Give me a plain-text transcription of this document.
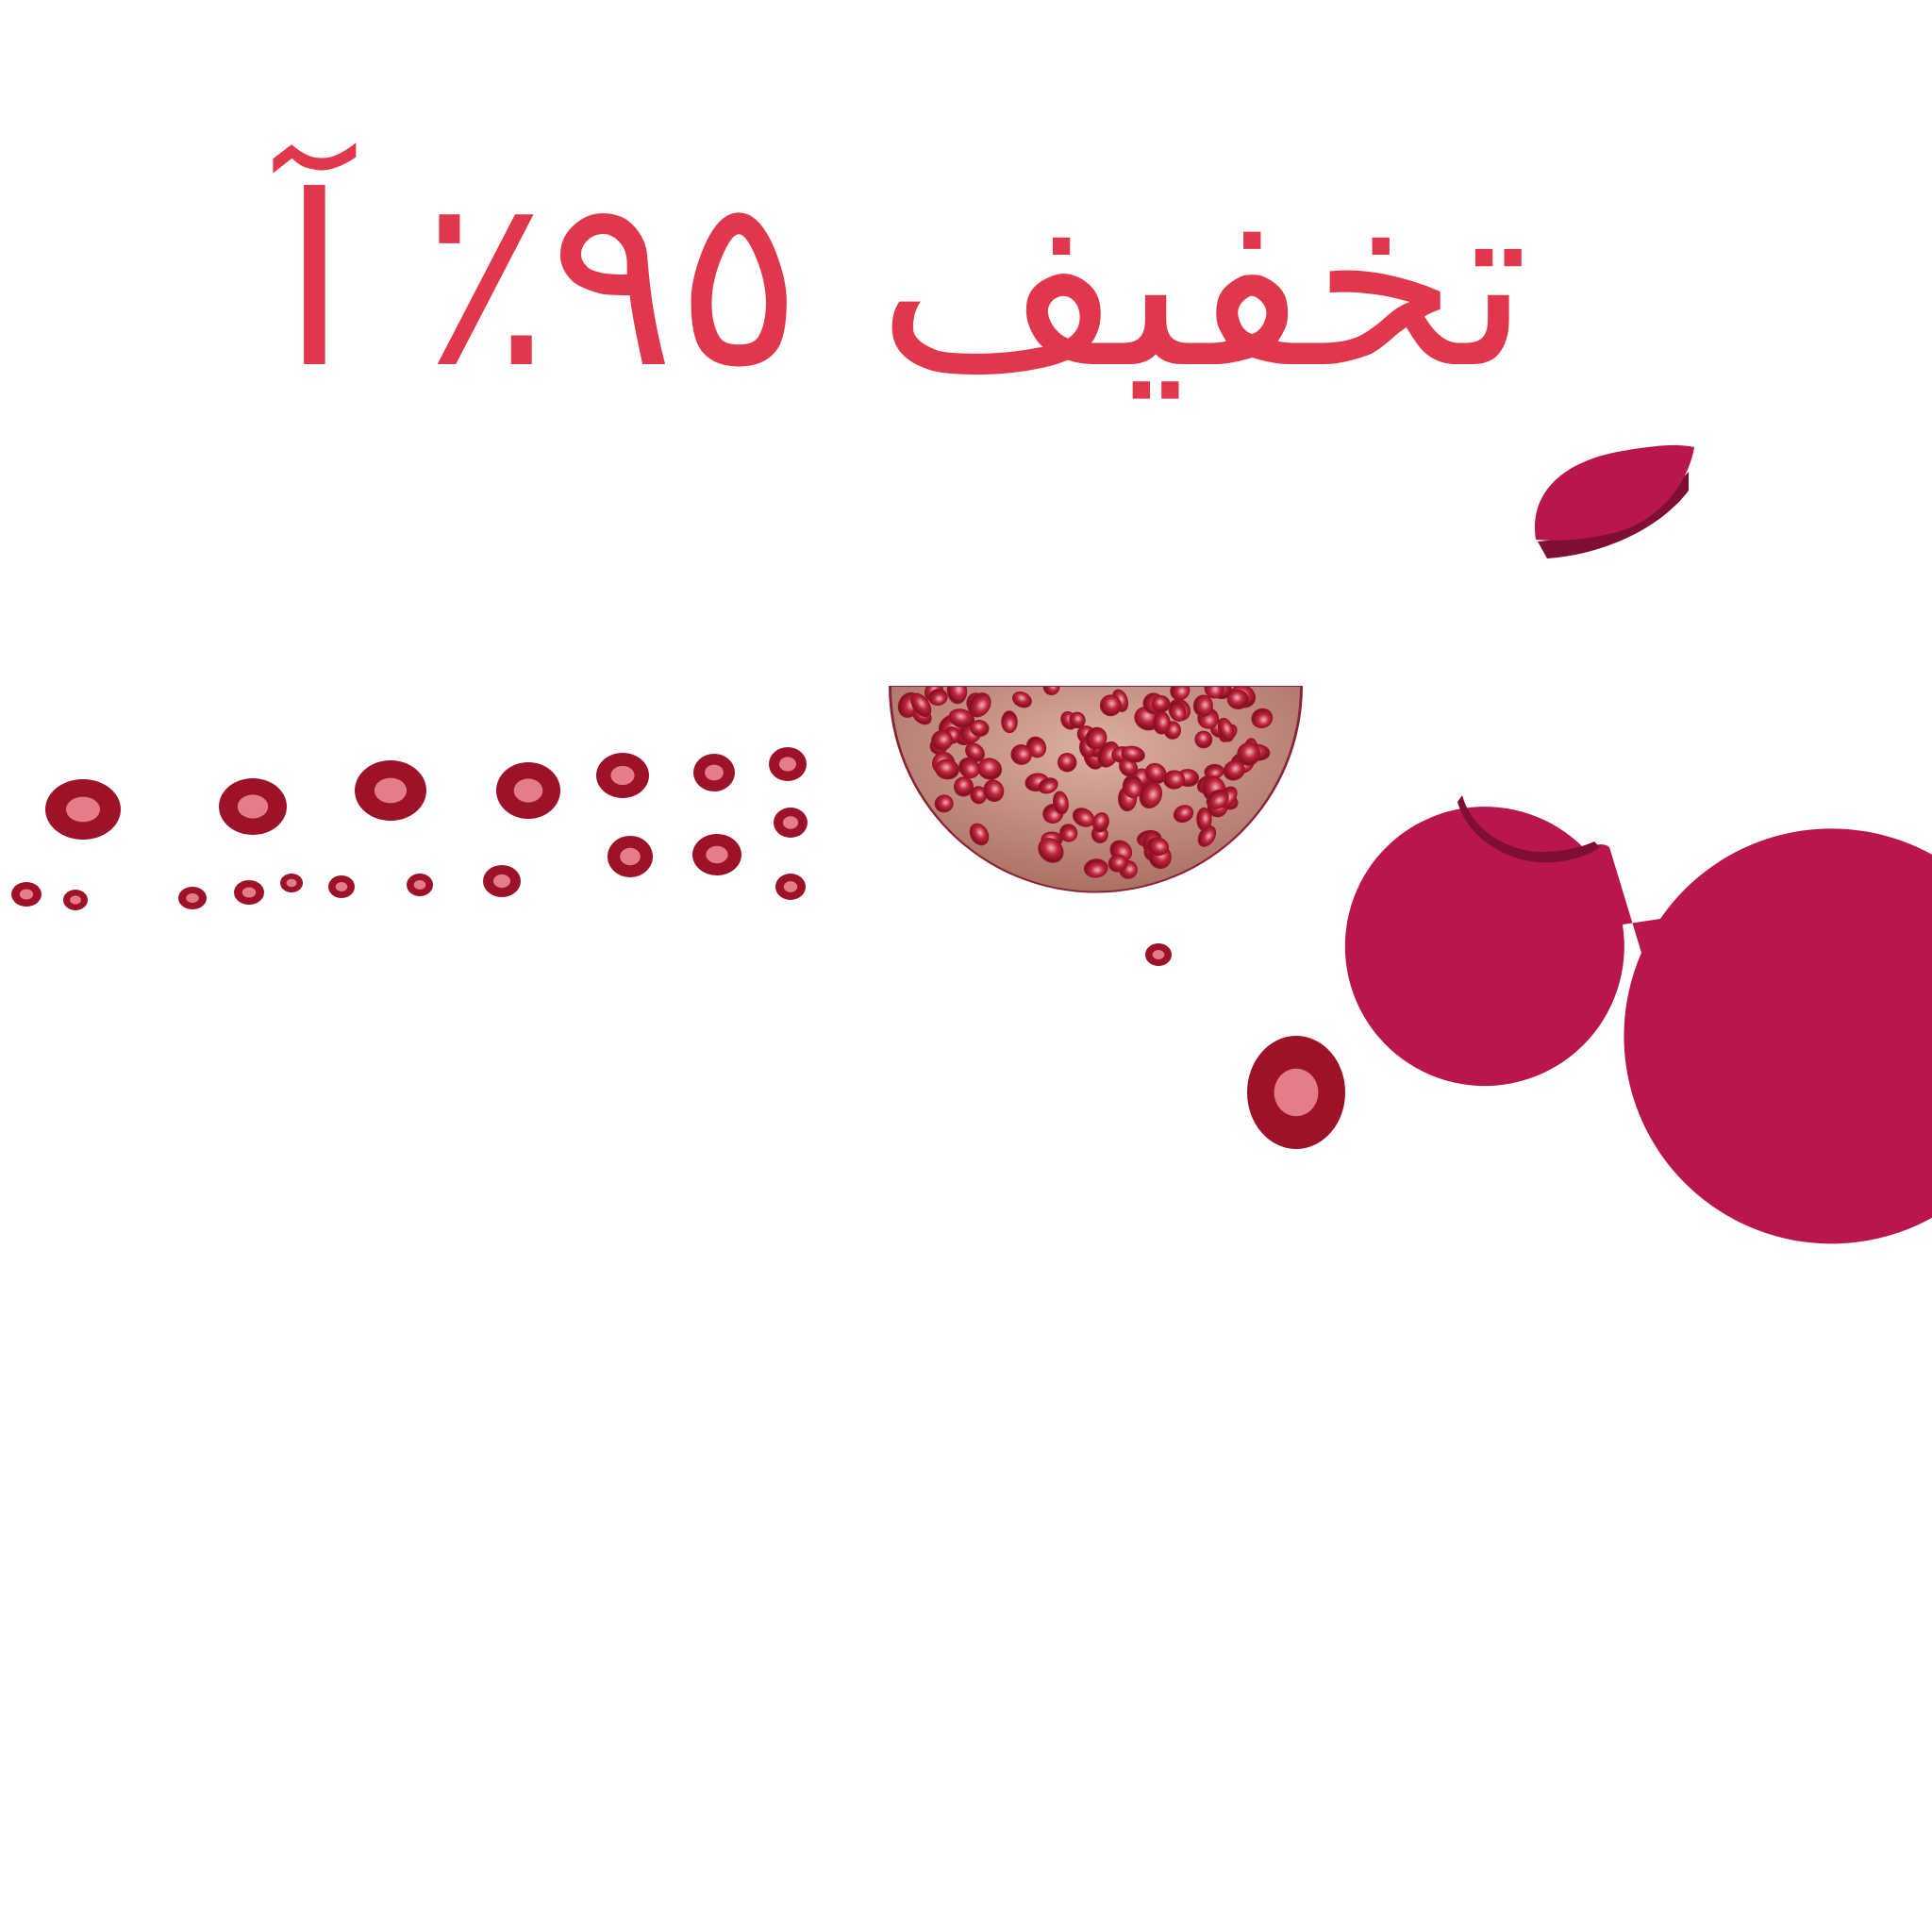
تخفيف ٩٥٪ آ
